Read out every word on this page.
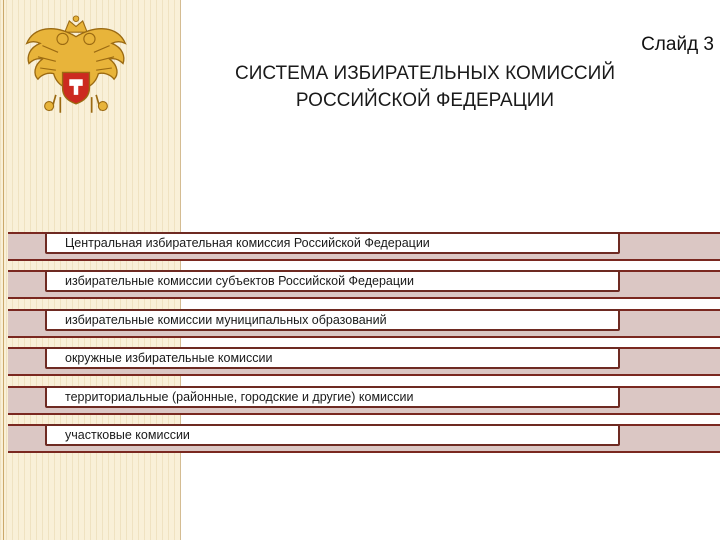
Слайд 3
СИСТЕМА ИЗБИРАТЕЛЬНЫХ КОМИССИЙ
РОССИЙСКОЙ ФЕДЕРАЦИИ
Центральная избирательная комиссия Российской Федерации
избирательные комиссии субъектов Российской Федерации
избирательные комиссии муниципальных образований
окружные избирательные комиссии
территориальные (районные, городские и другие) комиссии
участковые комиссии
